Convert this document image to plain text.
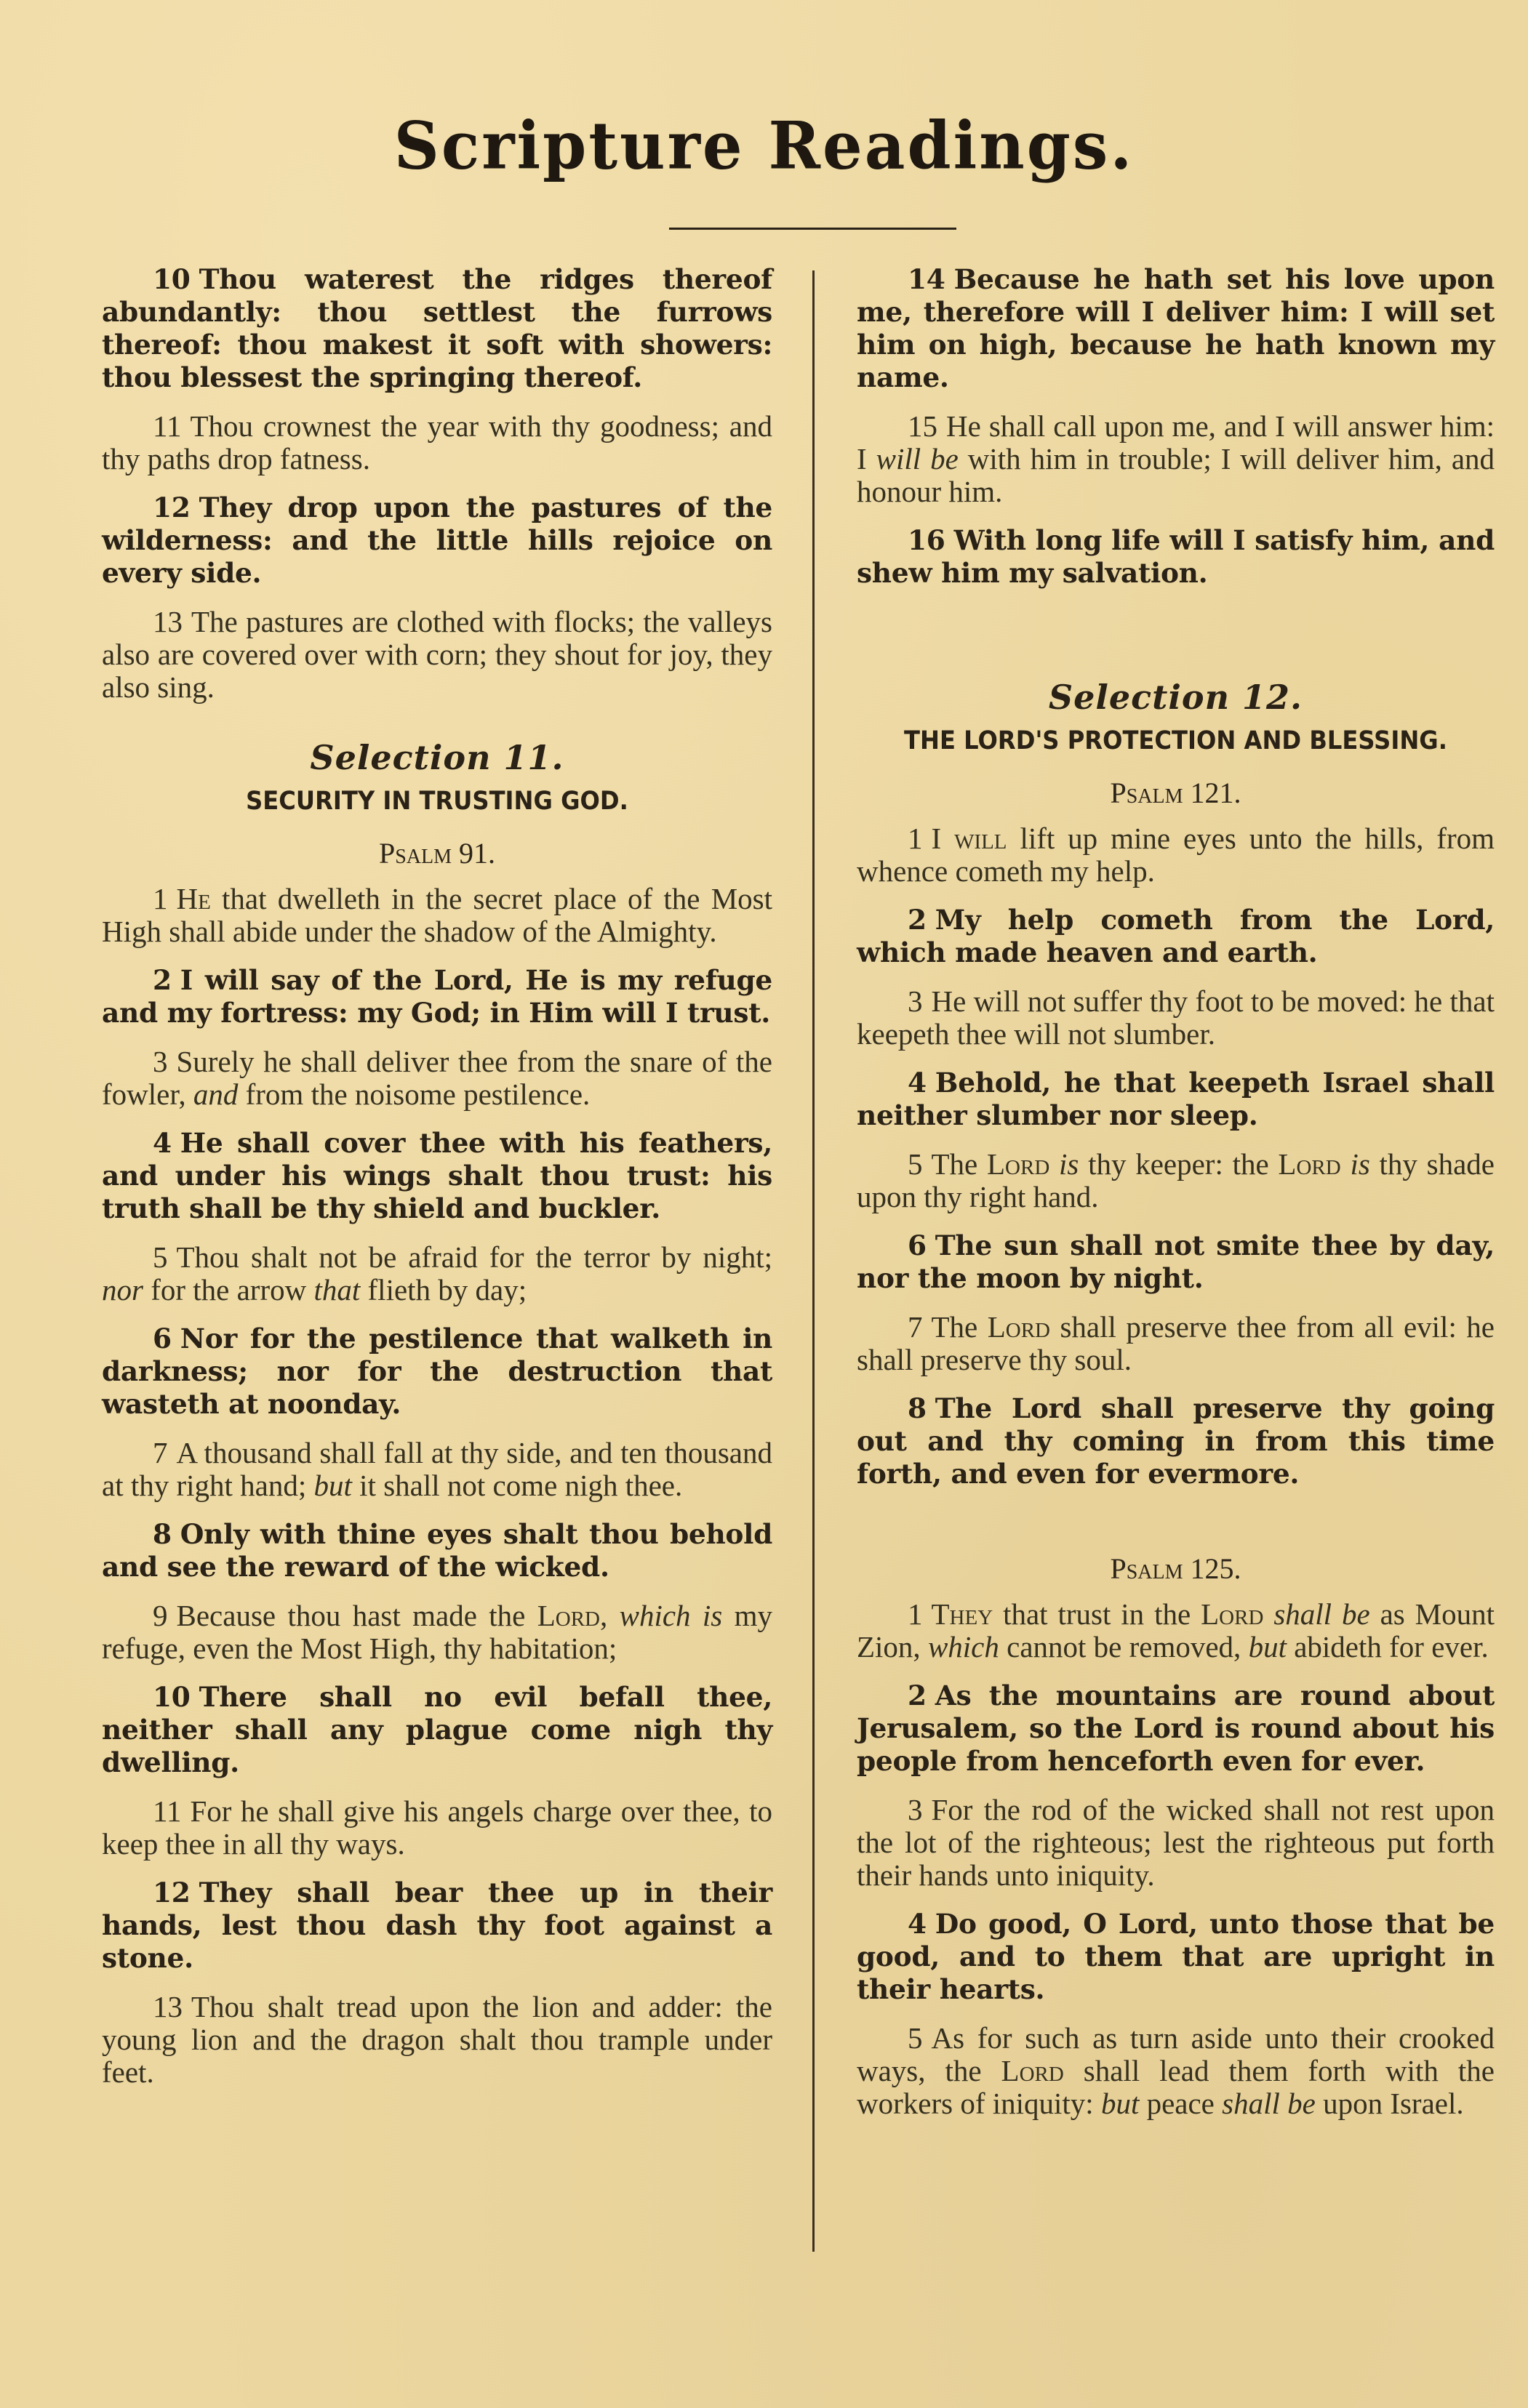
Scripture Readings.

10 Thou waterest the ridges thereof abundantly: thou settlest the furrows thereof: thou makest it soft with showers: thou blessest the springing thereof.

11 Thou crownest the year with thy goodness; and thy paths drop fatness.

12 They drop upon the pastures of the wilderness: and the little hills rejoice on every side.

13 The pastures are clothed with flocks; the valleys also are covered over with corn; they shout for joy, they also sing.

Selection 11.
SECURITY IN TRUSTING GOD.
Psalm 91.

1 He that dwelleth in the secret place of the Most High shall abide under the shadow of the Almighty.

2 I will say of the Lord, He is my refuge and my fortress: my God; in Him will I trust.

3 Surely he shall deliver thee from the snare of the fowler, and from the noisome pestilence.

4 He shall cover thee with his feathers, and under his wings shalt thou trust: his truth shall be thy shield and buckler.

5 Thou shalt not be afraid for the terror by night; nor for the arrow that flieth by day;

6 Nor for the pestilence that walketh in darkness; nor for the destruction that wasteth at noonday.

7 A thousand shall fall at thy side, and ten thousand at thy right hand; but it shall not come nigh thee.

8 Only with thine eyes shalt thou behold and see the reward of the wicked.

9 Because thou hast made the Lord, which is my refuge, even the Most High, thy habitation;

10 There shall no evil befall thee, neither shall any plague come nigh thy dwelling.

11 For he shall give his angels charge over thee, to keep thee in all thy ways.

12 They shall bear thee up in their hands, lest thou dash thy foot against a stone.

13 Thou shalt tread upon the lion and adder: the young lion and the dragon shalt thou trample under feet.

14 Because he hath set his love upon me, therefore will I deliver him: I will set him on high, because he hath known my name.

15 He shall call upon me, and I will answer him: I will be with him in trouble; I will deliver him, and honour him.

16 With long life will I satisfy him, and shew him my salvation.

Selection 12.
THE LORD'S PROTECTION AND BLESSING.
Psalm 121.

1 I will lift up mine eyes unto the hills, from whence cometh my help.

2 My help cometh from the Lord, which made heaven and earth.

3 He will not suffer thy foot to be moved: he that keepeth thee will not slumber.

4 Behold, he that keepeth Israel shall neither slumber nor sleep.

5 The Lord is thy keeper: the Lord is thy shade upon thy right hand.

6 The sun shall not smite thee by day, nor the moon by night.

7 The Lord shall preserve thee from all evil: he shall preserve thy soul.

8 The Lord shall preserve thy going out and thy coming in from this time forth, and even for evermore.

Psalm 125.

1 They that trust in the Lord shall be as Mount Zion, which cannot be removed, but abideth for ever.

2 As the mountains are round about Jerusalem, so the Lord is round about his people from henceforth even for ever.

3 For the rod of the wicked shall not rest upon the lot of the righteous; lest the righteous put forth their hands unto iniquity.

4 Do good, O Lord, unto those that be good, and to them that are upright in their hearts.

5 As for such as turn aside unto their crooked ways, the Lord shall lead them forth with the workers of iniquity: but peace shall be upon Israel.
